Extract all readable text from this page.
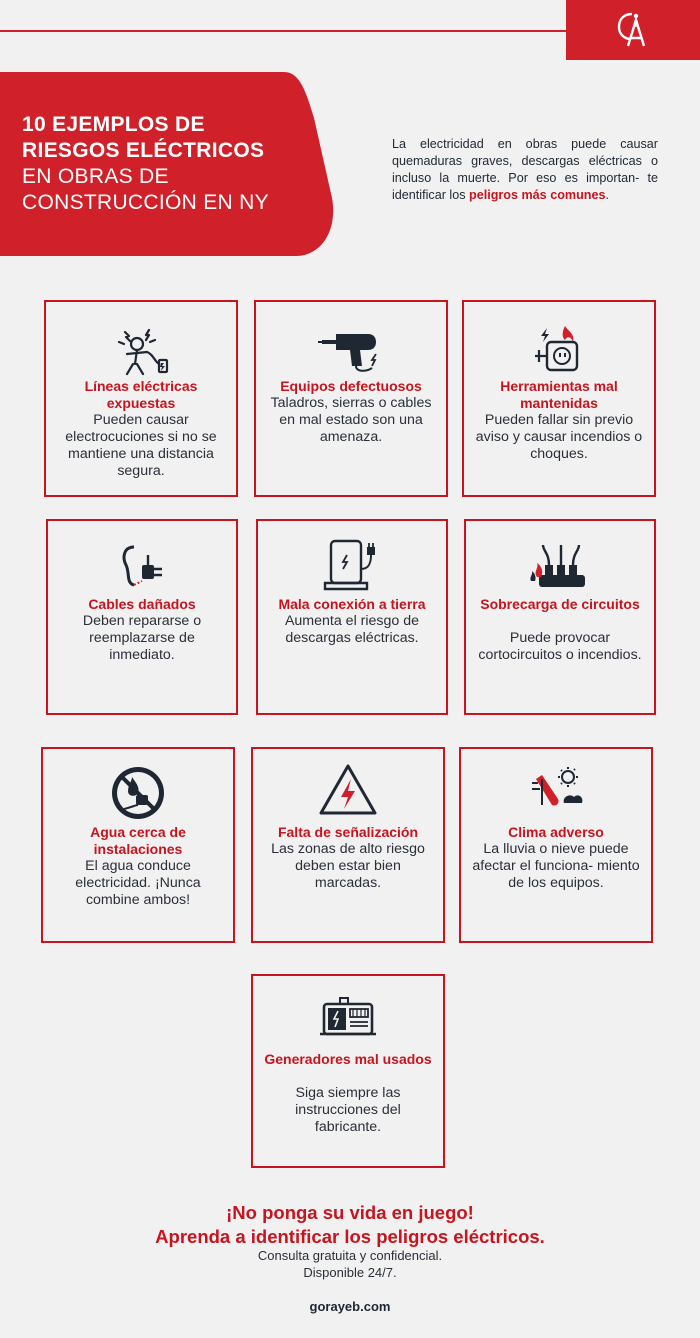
10 EJEMPLOS DE
RIESGOS ELÉCTRICOS
EN OBRAS DE
CONSTRUCCIÓN EN NY
La electricidad en obras puede causar quemaduras graves, descargas eléctricas o incluso la muerte. Por eso es importan- te identificar los peligros más comunes.
Líneas eléctricas expuestas
Pueden causar electrocuciones si no se mantiene una distancia segura.
Equipos defectuosos
Taladros, sierras o cables en mal estado son una amenaza.
Herramientas mal mantenidas
Pueden fallar sin previo aviso y causar incendios o choques.
Cables dañados
Deben repararse o reemplazarse de inmediato.
Mala conexión a tierra
Aumenta el riesgo de descargas eléctricas.
Sobrecarga de circuitos
Puede provocar cortocircuitos o incendios.
Agua cerca de instalaciones
El agua conduce electricidad. ¡Nunca combine ambos!
Falta de señalización
Las zonas de alto riesgo deben estar bien marcadas.
Clima adverso
La lluvia o nieve puede afectar el funciona- miento de los equipos.
Generadores mal usados
Siga siempre las instrucciones del fabricante.
¡No ponga su vida en juego!
Aprenda a identificar los peligros eléctricos.
Consulta gratuita y confidencial.
Disponible 24/7.
gorayeb.com
